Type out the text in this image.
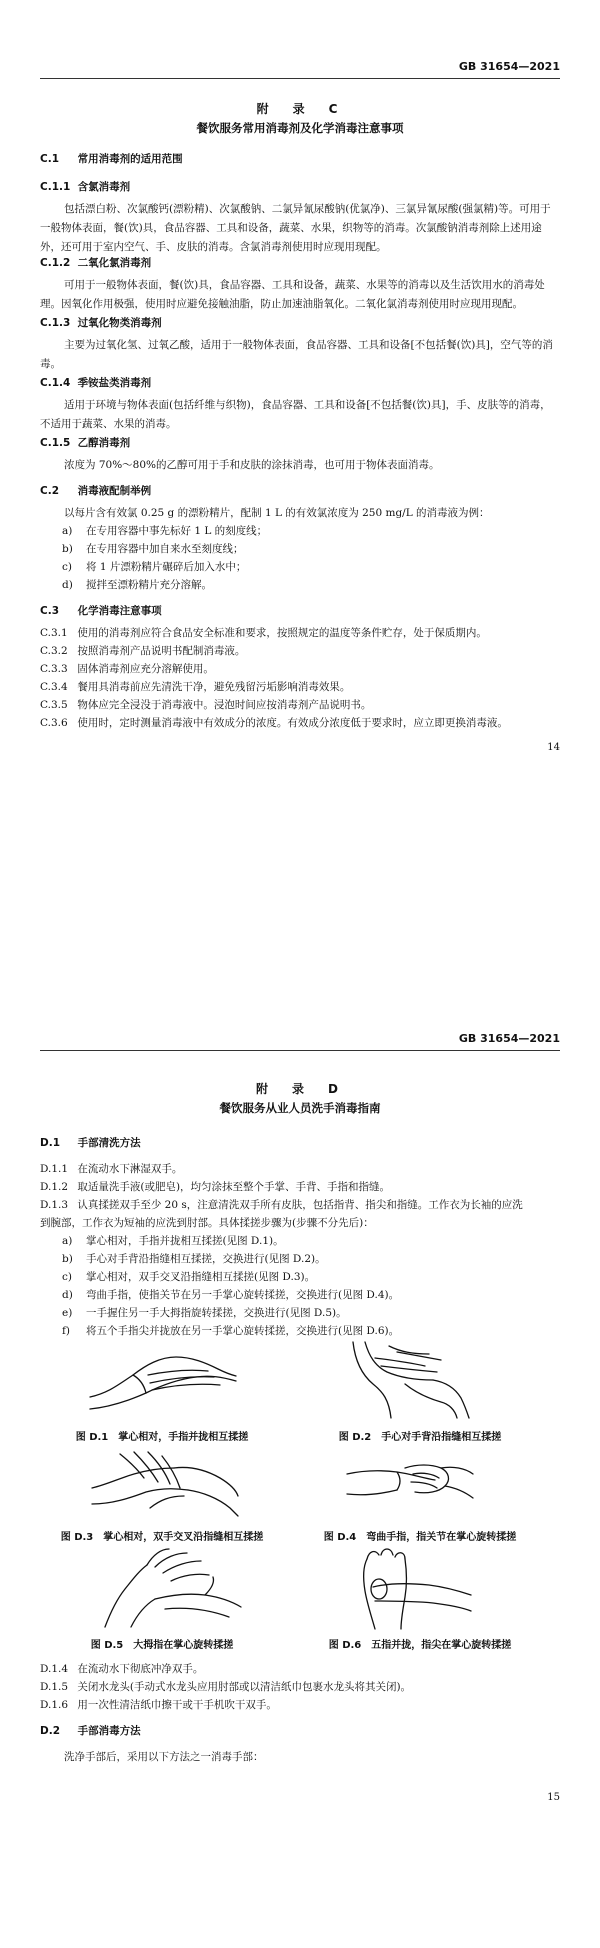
GB 31654—2021
附　录　C
餐饮服务常用消毒剂及化学消毒注意事项
C.1 常用消毒剂的适用范围
C.1.1 含氯消毒剂
包括漂白粉、次氯酸钙(漂粉精)、次氯酸钠、二氯异氰尿酸钠(优氯净)、三氯异氰尿酸(强氯精)等。可用于一般物体表面，餐(饮)具，食品容器、工具和设备，蔬菜、水果，织物等的消毒。次氯酸钠消毒剂除上述用途外，还可用于室内空气、手、皮肤的消毒。含氯消毒剂使用时应现用现配。
C.1.2 二氧化氯消毒剂
可用于一般物体表面，餐(饮)具，食品容器、工具和设备，蔬菜、水果等的消毒以及生活饮用水的消毒处理。因氧化作用极强，使用时应避免接触油脂，防止加速油脂氧化。二氧化氯消毒剂使用时应现用现配。
C.1.3 过氧化物类消毒剂
主要为过氧化氢、过氧乙酸，适用于一般物体表面，食品容器、工具和设备[不包括餐(饮)具]，空气等的消毒。
C.1.4 季铵盐类消毒剂
适用于环境与物体表面(包括纤维与织物)，食品容器、工具和设备[不包括餐(饮)具]，手、皮肤等的消毒，不适用于蔬菜、水果的消毒。
C.1.5 乙醇消毒剂
浓度为 70%～80%的乙醇可用于手和皮肤的涂抹消毒，也可用于物体表面消毒。
C.2 消毒液配制举例
以每片含有效氯 0.25 g 的漂粉精片，配制 1 L 的有效氯浓度为 250 mg/L 的消毒液为例：
a) 在专用容器中事先标好 1 L 的刻度线；
b) 在专用容器中加自来水至刻度线；
c) 将 1 片漂粉精片碾碎后加入水中；
d) 搅拌至漂粉精片充分溶解。
C.3 化学消毒注意事项
C.3.1 使用的消毒剂应符合食品安全标准和要求，按照规定的温度等条件贮存，处于保质期内。
C.3.2 按照消毒剂产品说明书配制消毒液。
C.3.3 固体消毒剂应充分溶解使用。
C.3.4 餐用具消毒前应先清洗干净，避免残留污垢影响消毒效果。
C.3.5 物体应完全浸没于消毒液中。浸泡时间应按消毒剂产品说明书。
C.3.6 使用时，定时测量消毒液中有效成分的浓度。有效成分浓度低于要求时，应立即更换消毒液。
14
GB 31654—2021
附　录　D
餐饮服务从业人员洗手消毒指南
D.1 手部清洗方法
D.1.1 在流动水下淋湿双手。
D.1.2 取适量洗手液(或肥皂)，均匀涂抹至整个手掌、手背、手指和指缝。
D.1.3 认真揉搓双手至少 20 s，注意清洗双手所有皮肤，包括指背、指尖和指缝。工作衣为长袖的应洗
到腕部，工作衣为短袖的应洗到肘部。具体揉搓步骤为(步骤不分先后)：
a) 掌心相对，手指并拢相互揉搓(见图 D.1)。
b) 手心对手背沿指缝相互揉搓，交换进行(见图 D.2)。
c) 掌心相对，双手交叉沿指缝相互揉搓(见图 D.3)。
d) 弯曲手指，使指关节在另一手掌心旋转揉搓，交换进行(见图 D.4)。
e) 一手握住另一手大拇指旋转揉搓，交换进行(见图 D.5)。
f) 将五个手指尖并拢放在另一手掌心旋转揉搓，交换进行(见图 D.6)。
图 D.1　掌心相对，手指并拢相互揉搓	图 D.2　手心对手背沿指缝相互揉搓
图 D.3　掌心相对，双手交叉沿指缝相互揉搓	图 D.4　弯曲手指，指关节在掌心旋转揉搓
图 D.5　大拇指在掌心旋转揉搓	图 D.6　五指并拢，指尖在掌心旋转揉搓
D.1.4 在流动水下彻底冲净双手。
D.1.5 关闭水龙头(手动式水龙头应用肘部或以清洁纸巾包裹水龙头将其关闭)。
D.1.6 用一次性清洁纸巾擦干或干手机吹干双手。
D.2 手部消毒方法
洗净手部后，采用以下方法之一消毒手部：
15
